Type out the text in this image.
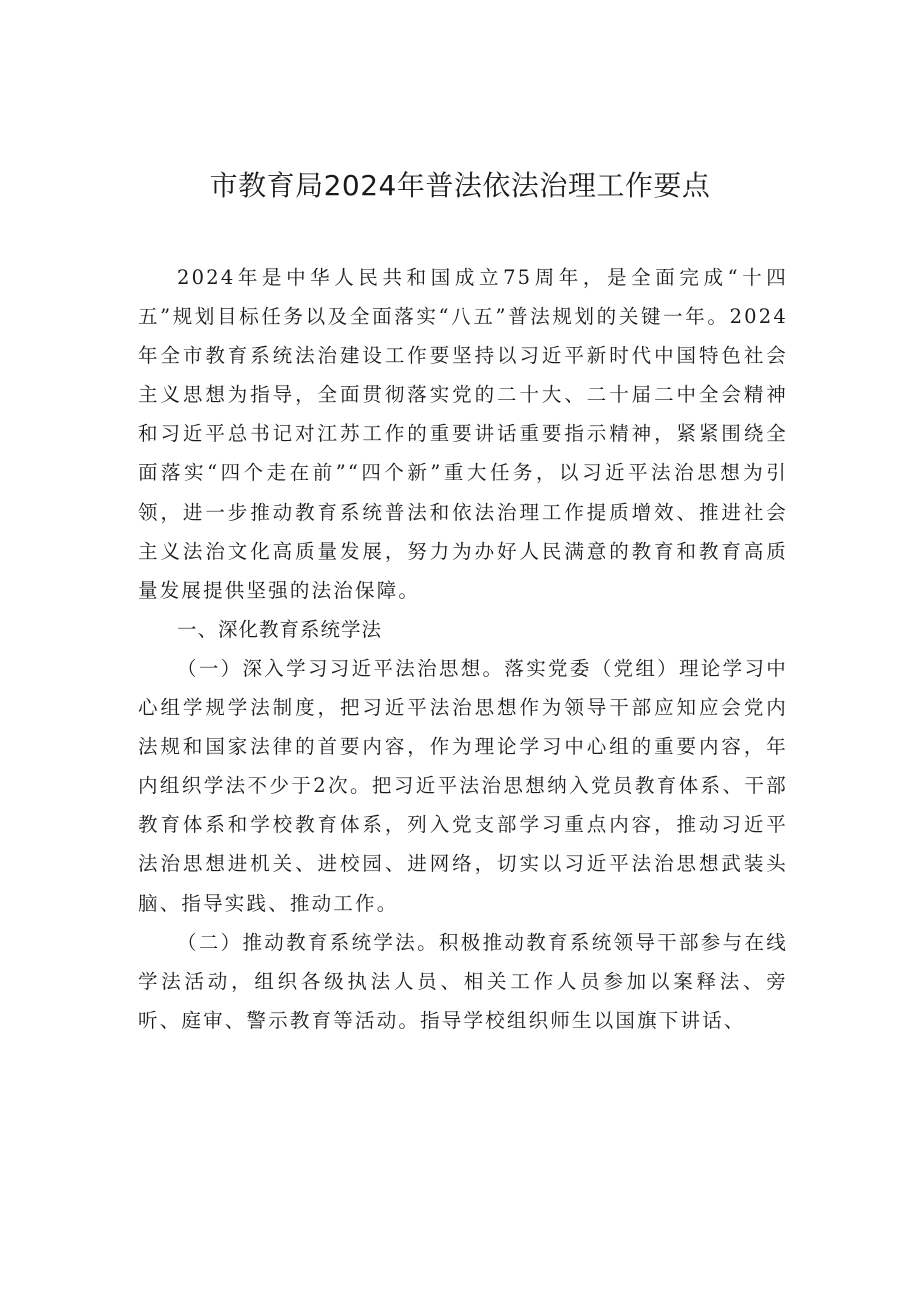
市教育局2024年普法依法治理工作要点

2024年是中华人民共和国成立75周年，是全面完成“十四五”规划目标任务以及全面落实“八五”普法规划的关键一年。2024年全市教育系统法治建设工作要坚持以习近平新时代中国特色社会主义思想为指导，全面贯彻落实党的二十大、二十届二中全会精神和习近平总书记对江苏工作的重要讲话重要指示精神，紧紧围绕全面落实“四个走在前”“四个新”重大任务，以习近平法治思想为引领，进一步推动教育系统普法和依法治理工作提质增效、推进社会主义法治文化高质量发展，努力为办好人民满意的教育和教育高质量发展提供坚强的法治保障。

一、深化教育系统学法

（一）深入学习习近平法治思想。落实党委（党组）理论学习中心组学规学法制度，把习近平法治思想作为领导干部应知应会党内法规和国家法律的首要内容，作为理论学习中心组的重要内容，年内组织学法不少于2次。把习近平法治思想纳入党员教育体系、干部教育体系和学校教育体系，列入党支部学习重点内容，推动习近平法治思想进机关、进校园、进网络，切实以习近平法治思想武装头脑、指导实践、推动工作。

（二）推动教育系统学法。积极推动教育系统领导干部参与在线学法活动，组织各级执法人员、相关工作人员参加以案释法、旁听、庭审、警示教育等活动。指导学校组织师生以国旗下讲话、
